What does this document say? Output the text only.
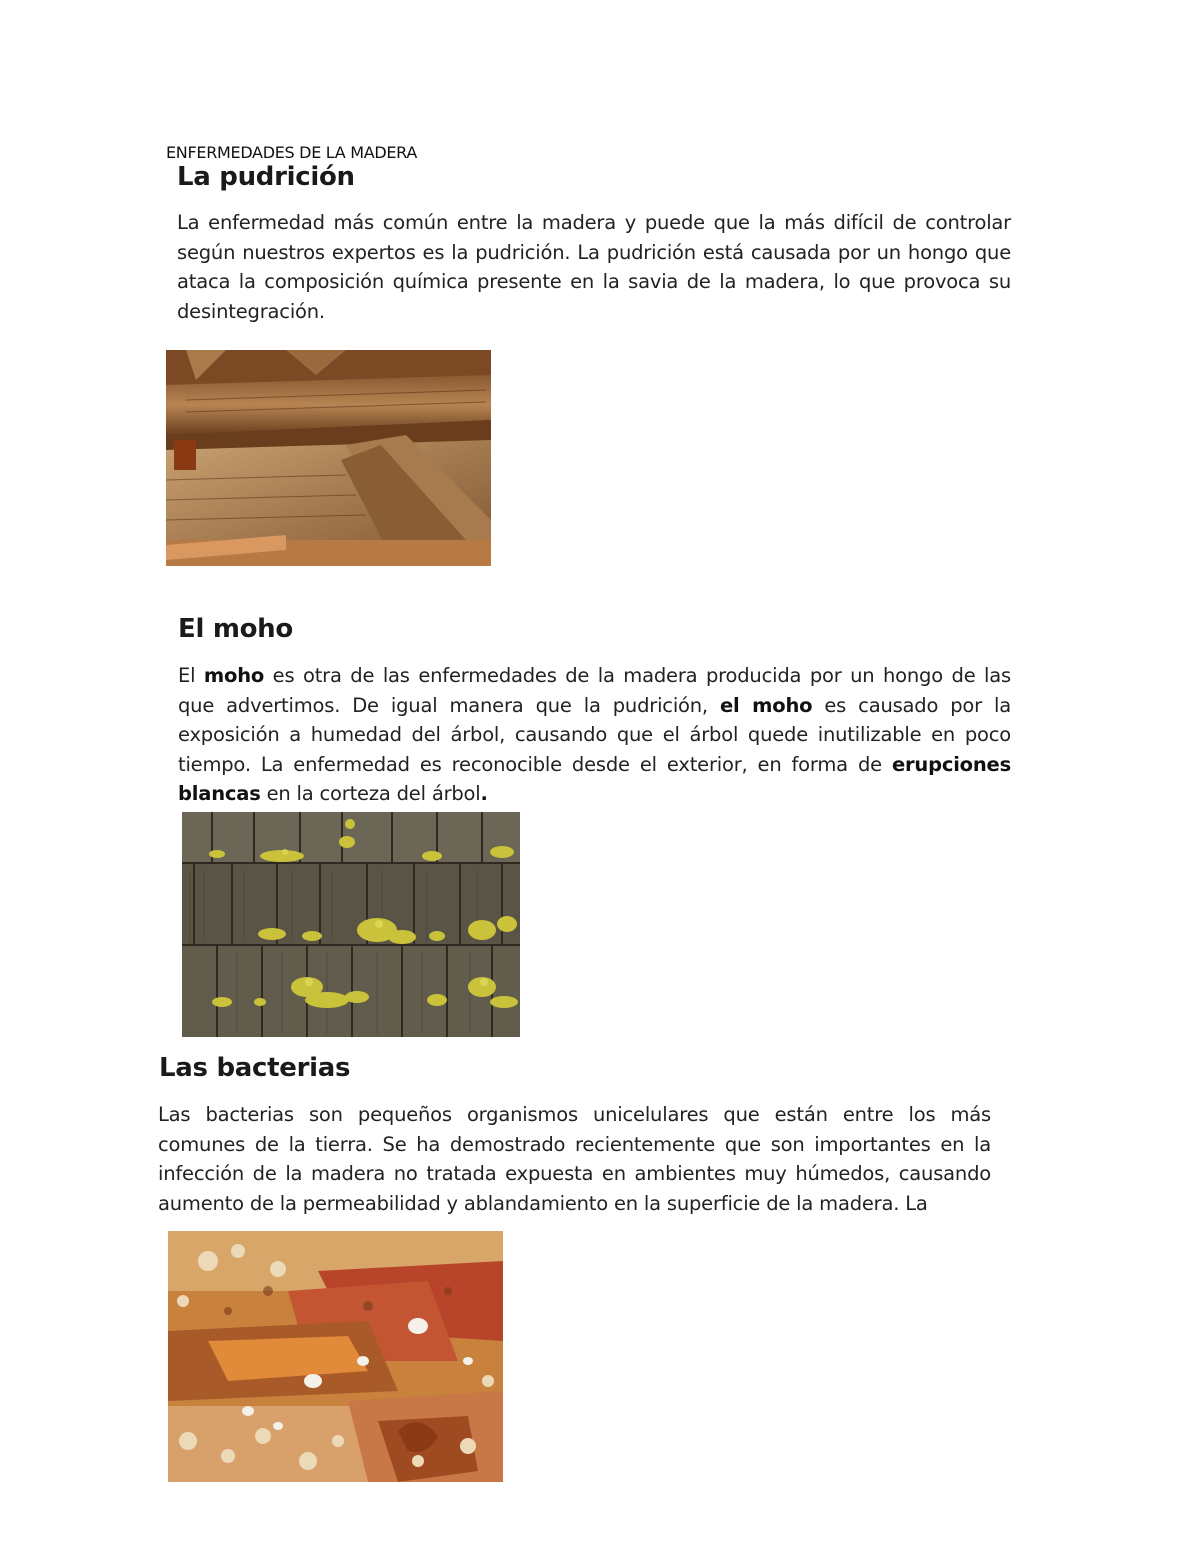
ENFERMEDADES DE LA MADERA
La pudrición

La enfermedad más común entre la madera y puede que la más difícil de controlar según nuestros expertos es la pudrición. La pudrición está causada por un hongo que ataca la composición química presente en la savia de la madera, lo que provoca su desintegración.

El moho

El moho es otra de las enfermedades de la madera producida por un hongo de las que advertimos. De igual manera que la pudrición, el moho es causado por la exposición a humedad del árbol, causando que el árbol quede inutilizable en poco tiempo. La enfermedad es reconocible desde el exterior, en forma de erupciones blancas en la corteza del árbol.

Las bacterias

Las bacterias son pequeños organismos unicelulares que están entre los más comunes de la tierra. Se ha demostrado recientemente que son importantes en la infección de la madera no tratada expuesta en ambientes muy húmedos, causando aumento de la permeabilidad y ablandamiento en la superficie de la madera. La
